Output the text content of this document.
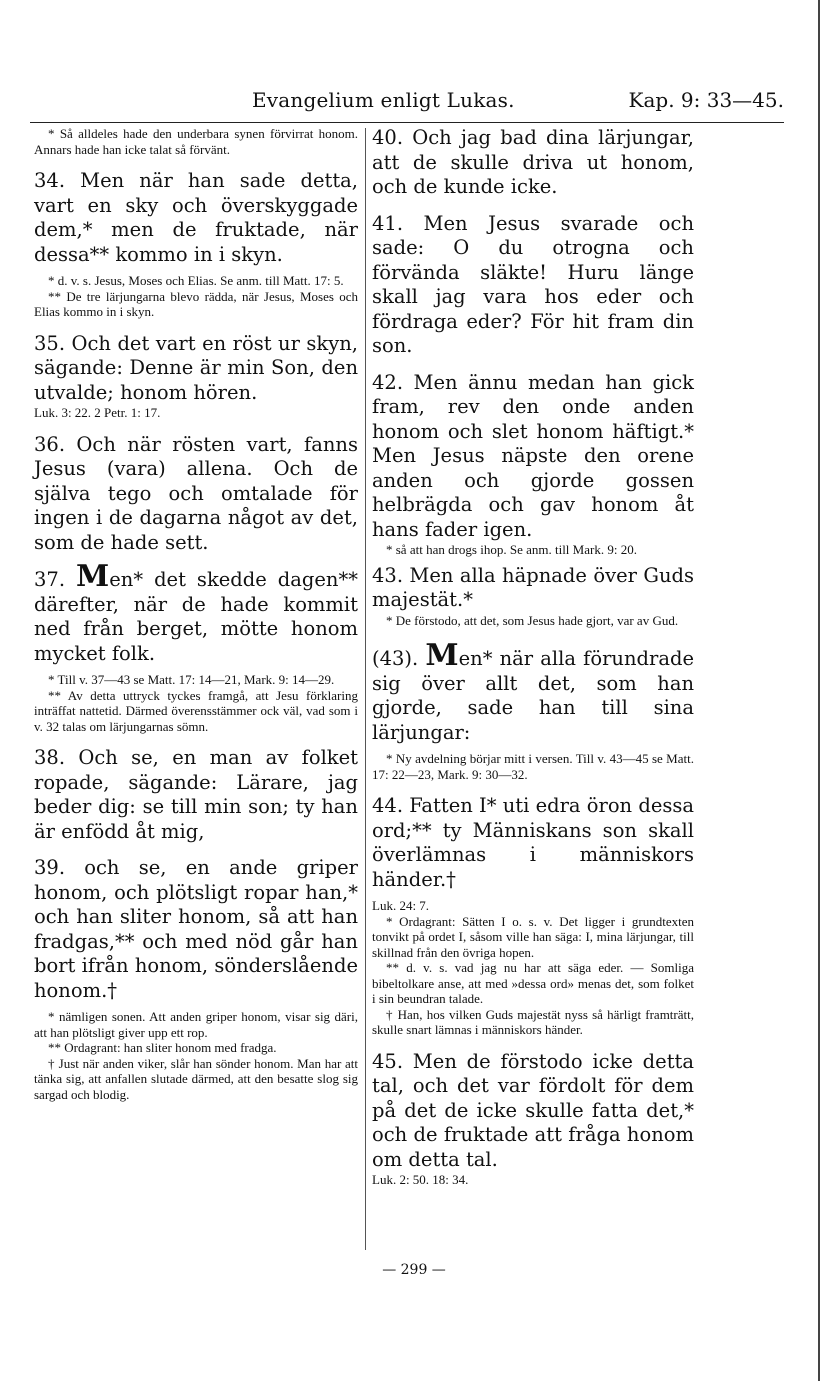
Evangelium enligt Lukas.	Kap. 9: 33—45.

* Så alldeles hade den underbara synen förvirrat honom. Annars hade han icke talat så förvänt.

34. Men när han sade detta, vart en sky och överskyggade dem,* men de fruktade, när dessa** kommo in i skyn.

* d. v. s. Jesus, Moses och Elias. Se anm. till Matt. 17: 5.

** De tre lärjungarna blevo rädda, när Jesus, Moses och Elias kommo in i skyn.

35. Och det vart en röst ur skyn, sägande: Denne är min Son, den utvalde; honom hören.

Luk. 3: 22. 2 Petr. 1: 17.

36. Och när rösten vart, fanns Jesus (vara) allena. Och de själva tego och omtalade för ingen i de dagarna något av det, som de hade sett.

37. Men* det skedde dagen** därefter, när de hade kommit ned från berget, mötte honom mycket folk.

* Till v. 37—43 se Matt. 17: 14—21, Mark. 9: 14—29.

** Av detta uttryck tyckes framgå, att Jesu förklaring inträffat nattetid. Därmed överensstämmer ock väl, vad som i v. 32 talas om lärjungarnas sömn.

38. Och se, en man av folket ropade, sägande: Lärare, jag beder dig: se till min son; ty han är enfödd åt mig,

39. och se, en ande griper honom, och plötsligt ropar han,* och han sliter honom, så att han fradgas,** och med nöd går han bort ifrån honom, sönderslående honom.†

* nämligen sonen. Att anden griper honom, visar sig däri, att han plötsligt giver upp ett rop.

** Ordagrant: han sliter honom med fradga.

† Just när anden viker, slår han sönder honom. Man har att tänka sig, att anfallen slutade därmed, att den besatte slog sig sargad och blodig.

40. Och jag bad dina lärjungar, att de skulle driva ut honom, och de kunde icke.

41. Men Jesus svarade och sade: O du otrogna och förvända släkte! Huru länge skall jag vara hos eder och fördraga eder? För hit fram din son.

42. Men ännu medan han gick fram, rev den onde anden honom och slet honom häftigt.* Men Jesus näpste den orene anden och gjorde gossen helbrägda och gav honom åt hans fader igen.

* så att han drogs ihop. Se anm. till Mark. 9: 20.

43. Men alla häpnade över Guds majestät.*

* De förstodo, att det, som Jesus hade gjort, var av Gud.

(43). Men* när alla förundrade sig över allt det, som han gjorde, sade han till sina lärjungar:

* Ny avdelning börjar mitt i versen. Till v. 43—45 se Matt. 17: 22—23, Mark. 9: 30—32.

44. Fatten I* uti edra öron dessa ord;** ty Människans son skall överlämnas i människors händer.†

Luk. 24: 7.

* Ordagrant: Sätten I o. s. v. Det ligger i grundtexten tonvikt på ordet I, såsom ville han säga: I, mina lärjungar, till skillnad från den övriga hopen.

** d. v. s. vad jag nu har att säga eder. — Somliga bibeltolkare anse, att med »dessa ord» menas det, som folket i sin beundran talade.

† Han, hos vilken Guds majestät nyss så härligt framträtt, skulle snart lämnas i människors händer.

45. Men de förstodo icke detta tal, och det var fördolt för dem på det de icke skulle fatta det,* och de fruktade att fråga honom om detta tal.

Luk. 2: 50. 18: 34.

— 299 —
